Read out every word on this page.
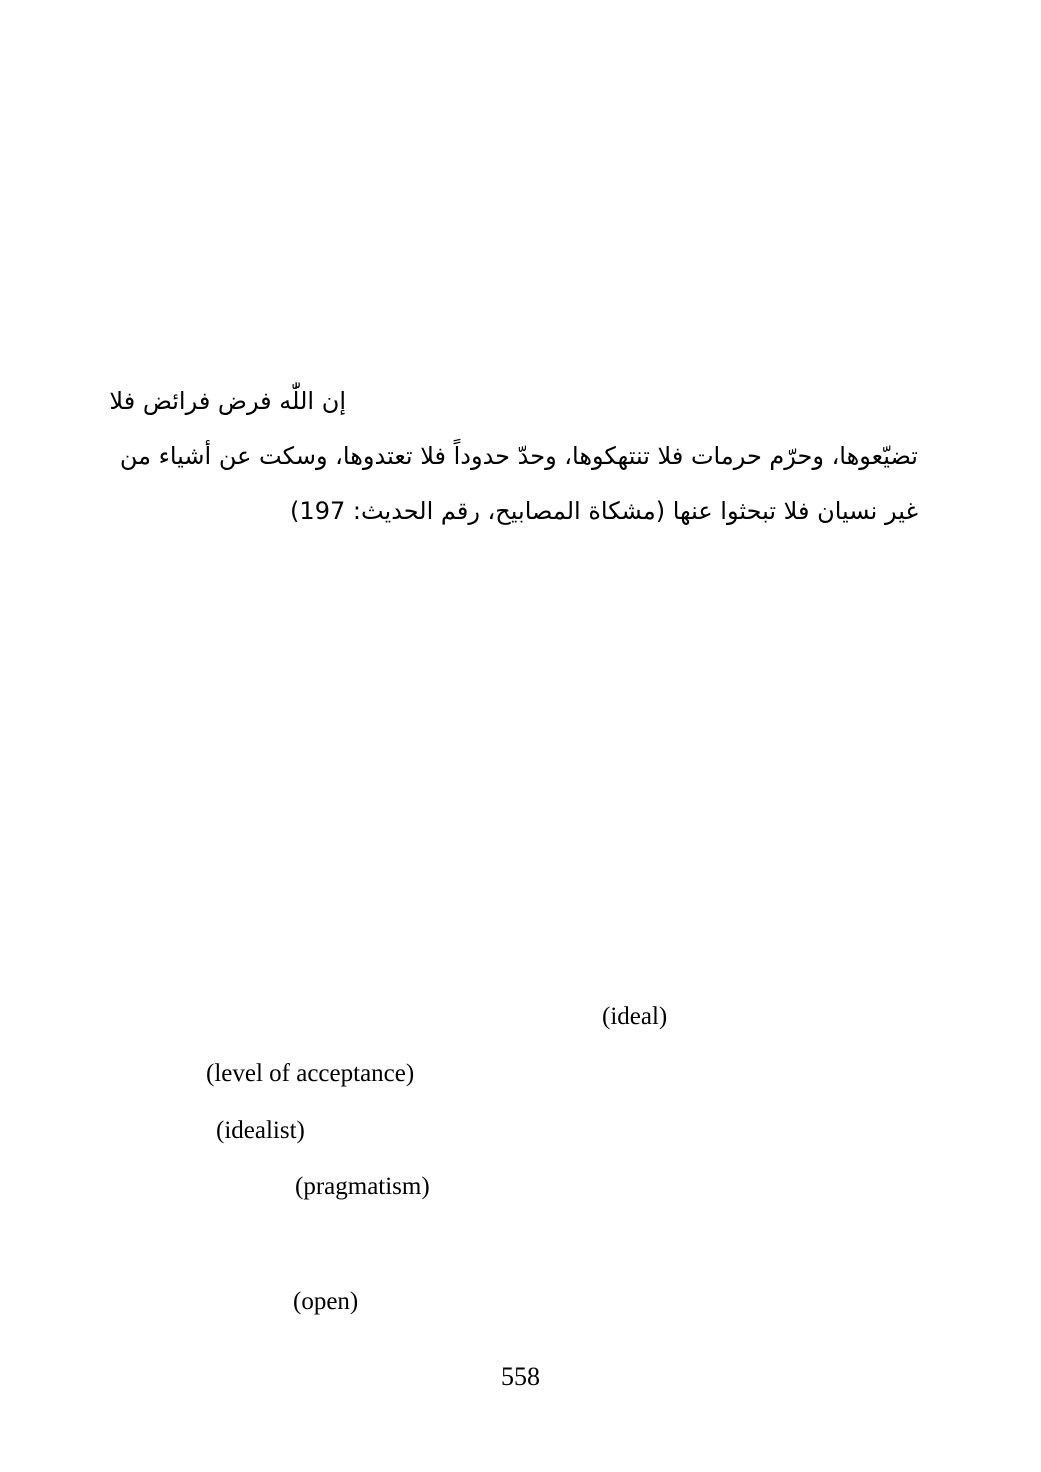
إن اللّٰه فرض فرائض فلا
تضیّعوها، وحرّم حرمات فلا تنتهكوها، وحدّ حدوداً فلا تعتدوها، وسكت عن أشياء من
غير نسيان فلا تبحثوا عنها (مشكاة المصابيح، رقم الحديث: 197)
(ideal)
(level of acceptance)
(idealist)
(pragmatism)
(open)
558
